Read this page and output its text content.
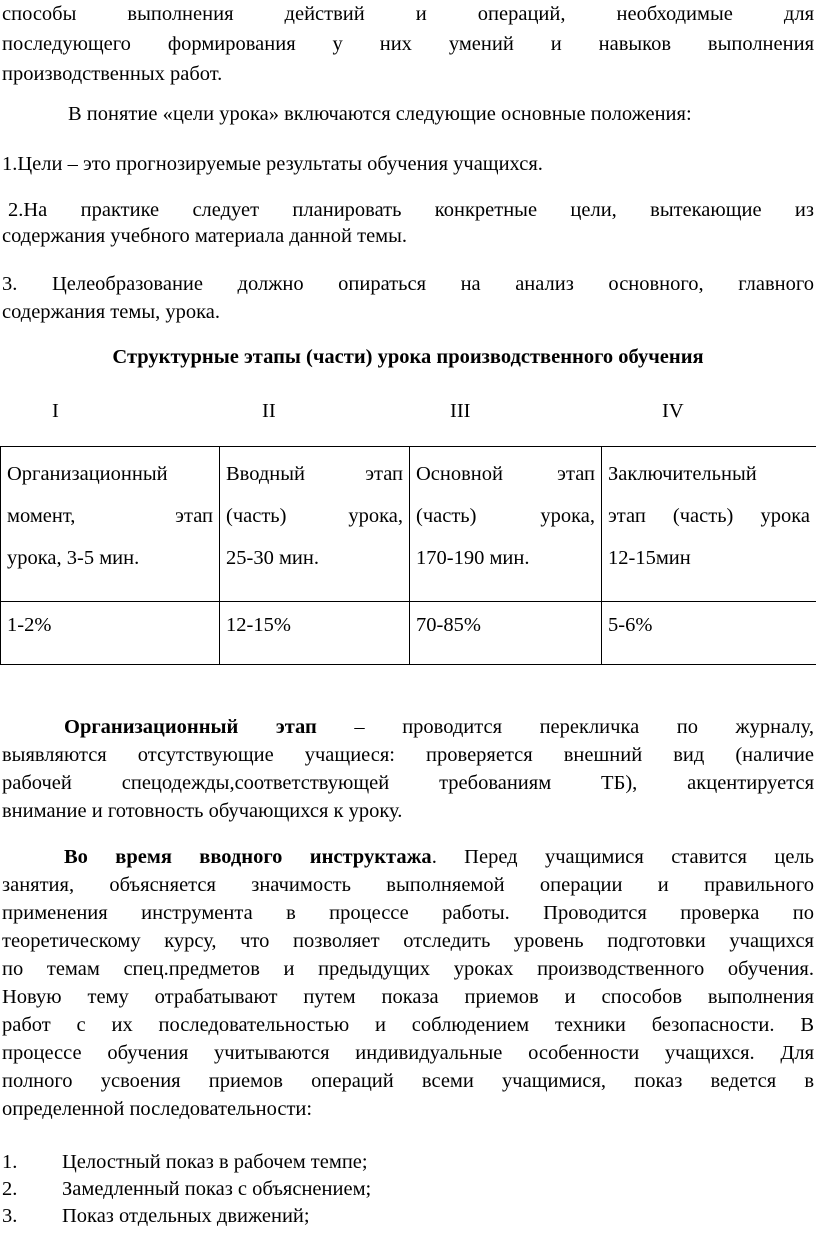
способы выполнения действий и операций, необходимые для

последующего формирования у них умений и навыков выполнения

производственных работ.

В понятие «цели урока» включаются следующие основные положения:

1.Цели – это прогнозируемые результаты обучения учащихся.

2.На практике следует планировать конкретные цели, вытекающие из

содержания учебного материала данной темы.

3. Целеобразование должно опираться на анализ основного, главного

содержания темы, урока.

Структурные этапы (части) урока производственного обучения

I	II	III	IV
Организационный
момент, этап
урока, 3-5 мин.	Вводный этап
(часть) урока,
25-30 мин.	Основной этап
(часть) урока,
170-190 мин.	Заключительный
этап (часть) урока
12-15мин

1-2%	12-15%	70-85%	5-6%

Организационный этап – проводится перекличка по журналу,

выявляются отсутствующие учащиеся: проверяется внешний вид (наличие

рабочей спецодежды,соответствующей требованиям ТБ), акцентируется

внимание и готовность обучающихся к уроку.

Во время вводного инструктажа. Перед учащимися ставится цель

занятия, объясняется значимость выполняемой операции и правильного

применения инструмента в процессе работы. Проводится проверка по

теоретическому курсу, что позволяет отследить уровень подготовки учащихся

по темам спец.предметов и предыдущих уроках производственного обучения.

Новую тему отрабатывают путем показа приемов и способов выполнения

работ с их последовательностью и соблюдением техники безопасности. В

процессе обучения учитываются индивидуальные особенности учащихся. Для

полного усвоения приемов операций всеми учащимися, показ ведется в

определенной последовательности:

1. Целостный показ в рабочем темпе;
2. Замедленный показ с объяснением;
3. Показ отдельных движений;
